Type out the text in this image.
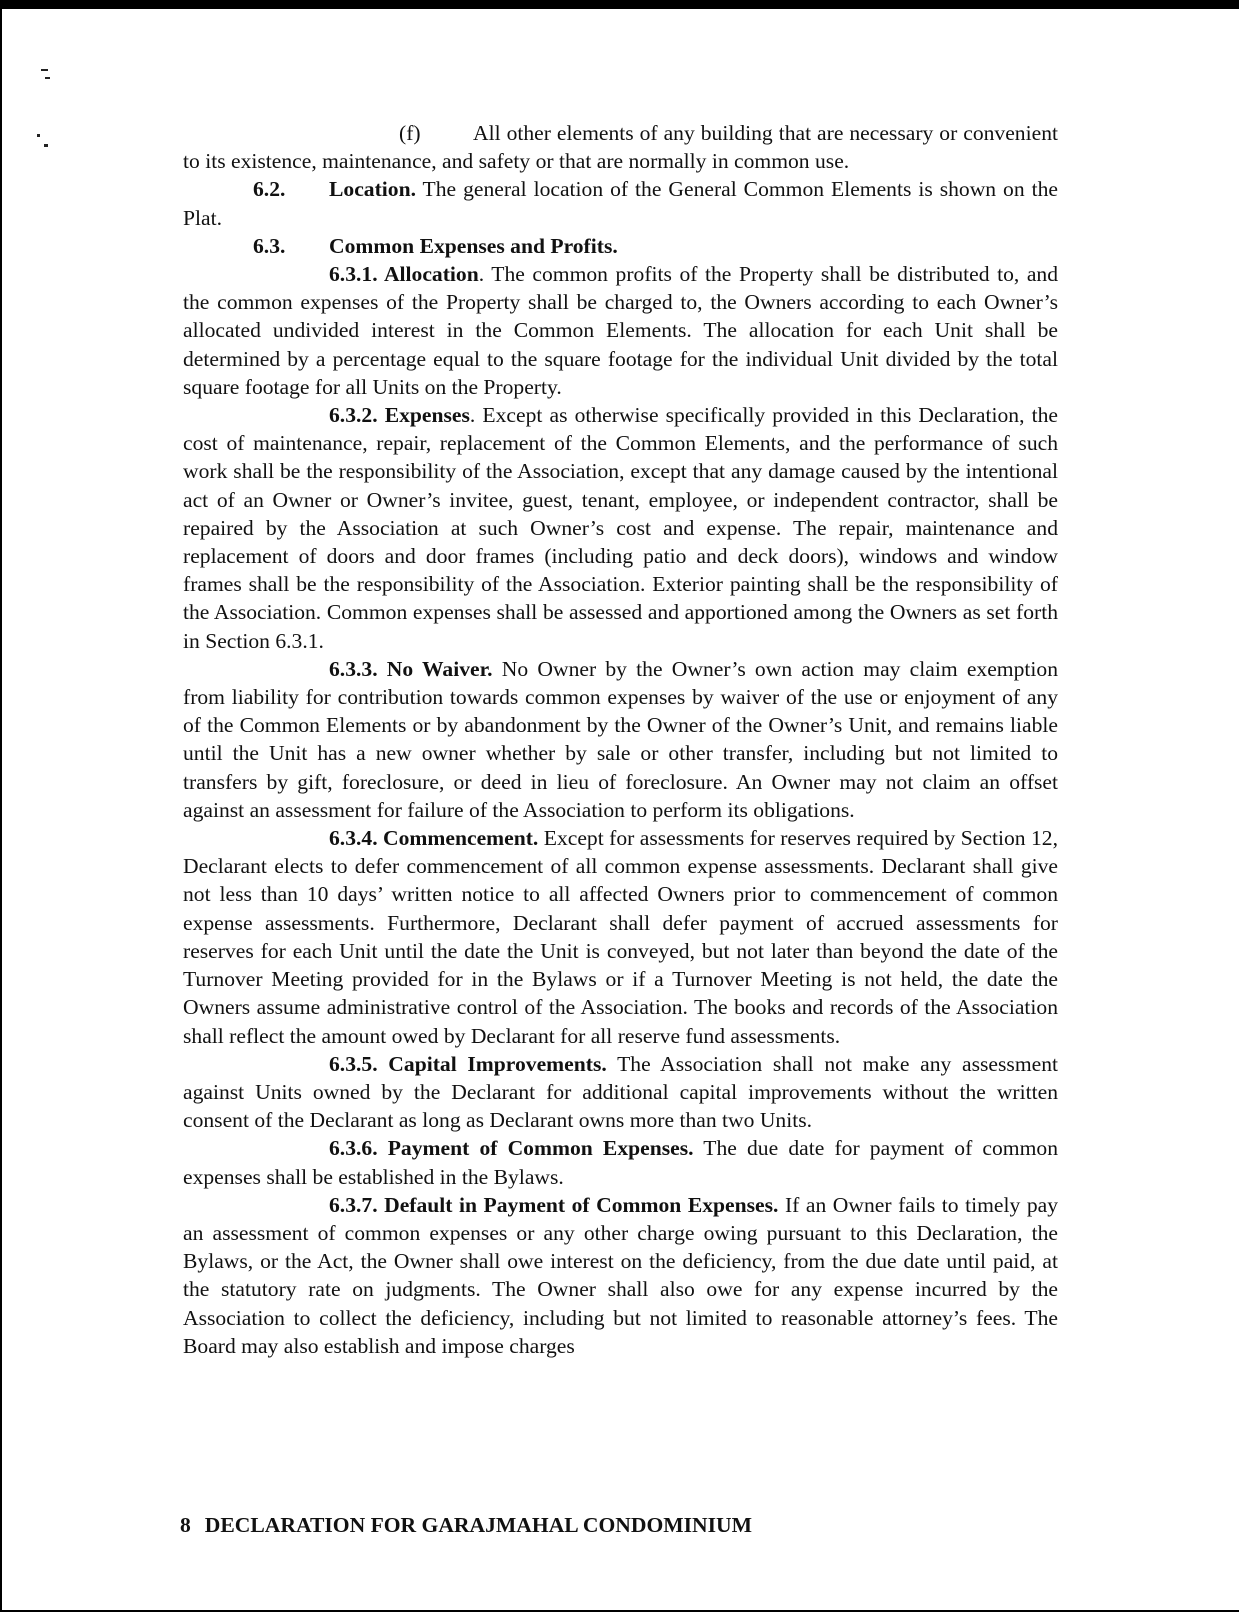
(f) All other elements of any building that are necessary or convenient to its existence, maintenance, and safety or that are normally in common use.

6.2. Location. The general location of the General Common Elements is shown on the Plat.

6.3. Common Expenses and Profits.

6.3.1. Allocation. The common profits of the Property shall be distributed to, and the common expenses of the Property shall be charged to, the Owners according to each Owner’s allocated undivided interest in the Common Elements. The allocation for each Unit shall be determined by a percentage equal to the square footage for the individual Unit divided by the total square footage for all Units on the Property.

6.3.2. Expenses. Except as otherwise specifically provided in this Declaration, the cost of maintenance, repair, replacement of the Common Elements, and the performance of such work shall be the responsibility of the Association, except that any damage caused by the intentional act of an Owner or Owner’s invitee, guest, tenant, employee, or independent contractor, shall be repaired by the Association at such Owner’s cost and expense. The repair, maintenance and replacement of doors and door frames (including patio and deck doors), windows and window frames shall be the responsibility of the Association. Exterior painting shall be the responsibility of the Association. Common expenses shall be assessed and apportioned among the Owners as set forth in Section 6.3.1.

6.3.3. No Waiver. No Owner by the Owner’s own action may claim exemption from liability for contribution towards common expenses by waiver of the use or enjoyment of any of the Common Elements or by abandonment by the Owner of the Owner’s Unit, and remains liable until the Unit has a new owner whether by sale or other transfer, including but not limited to transfers by gift, foreclosure, or deed in lieu of foreclosure. An Owner may not claim an offset against an assessment for failure of the Association to perform its obligations.

6.3.4. Commencement. Except for assessments for reserves required by Section 12, Declarant elects to defer commencement of all common expense assessments. Declarant shall give not less than 10 days’ written notice to all affected Owners prior to commencement of common expense assessments. Furthermore, Declarant shall defer payment of accrued assessments for reserves for each Unit until the date the Unit is conveyed, but not later than beyond the date of the Turnover Meeting provided for in the Bylaws or if a Turnover Meeting is not held, the date the Owners assume administrative control of the Association. The books and records of the Association shall reflect the amount owed by Declarant for all reserve fund assessments.

6.3.5. Capital Improvements. The Association shall not make any assessment against Units owned by the Declarant for additional capital improvements without the written consent of the Declarant as long as Declarant owns more than two Units.

6.3.6. Payment of Common Expenses. The due date for payment of common expenses shall be established in the Bylaws.

6.3.7. Default in Payment of Common Expenses. If an Owner fails to timely pay an assessment of common expenses or any other charge owing pursuant to this Declaration, the Bylaws, or the Act, the Owner shall owe interest on the deficiency, from the due date until paid, at the statutory rate on judgments. The Owner shall also owe for any expense incurred by the Association to collect the deficiency, including but not limited to reasonable attorney’s fees. The Board may also establish and impose charges

8 DECLARATION FOR GARAJMAHAL CONDOMINIUM
